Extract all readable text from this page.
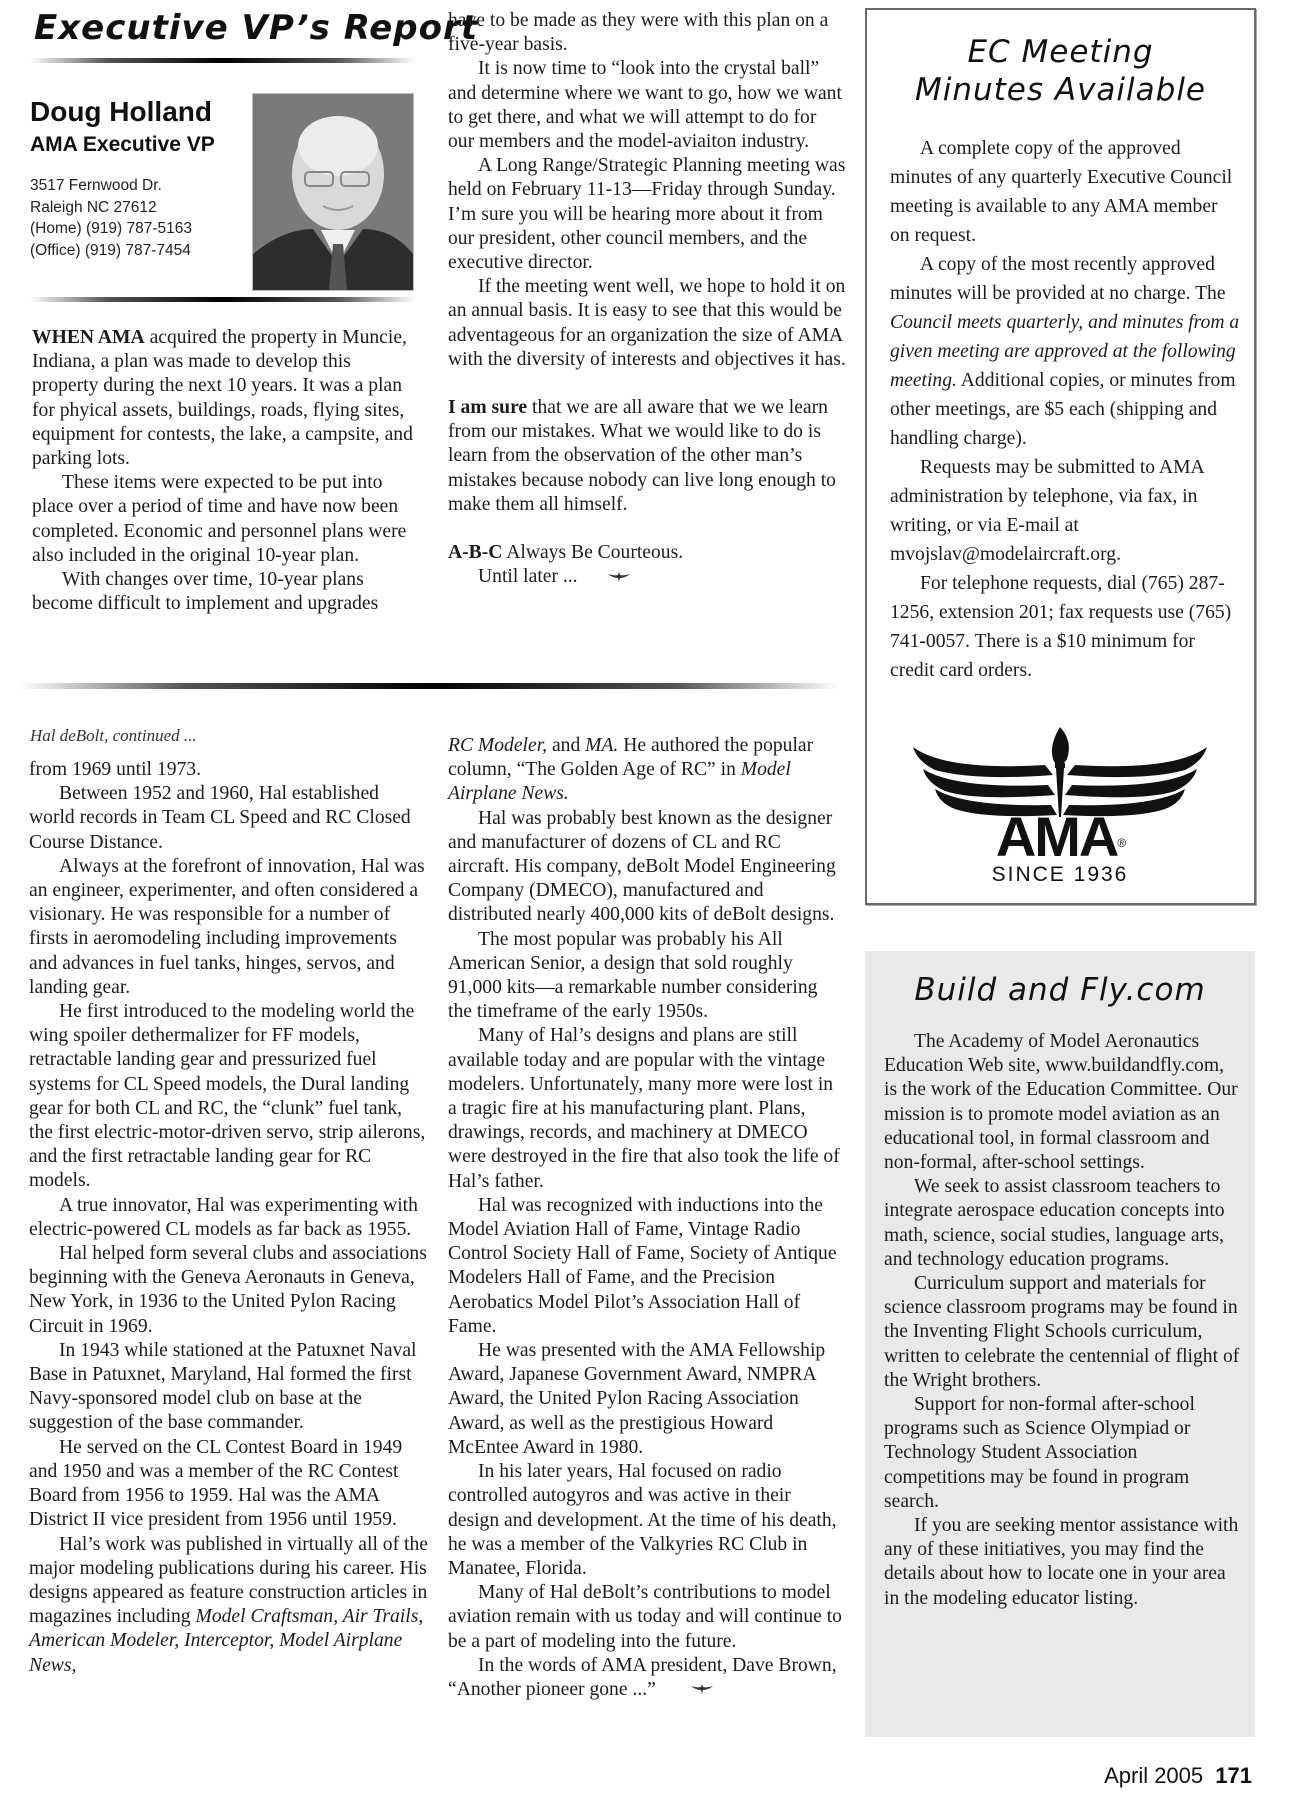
Executive VP’s Report
Doug Holland
AMA Executive VP
3517 Fernwood Dr.
Raleigh NC 27612
(Home) (919) 787-5163
(Office) (919) 787-7454

WHEN AMA acquired the property in Muncie, Indiana, a plan was made to develop this property during the next 10 years. It was a plan for phyical assets, buildings, roads, flying sites, equipment for contests, the lake, a campsite, and parking lots.

These items were expected to be put into place over a period of time and have now been completed. Economic and personnel plans were also included in the original 10-year plan.

With changes over time, 10-year plans become difficult to implement and upgrades

have to be made as they were with this plan on a five-year basis.

It is now time to “look into the crystal ball” and determine where we want to go, how we want to get there, and what we will attempt to do for our members and the model-aviaiton industry.

A Long Range/Strategic Planning meeting was held on February 11-13—Friday through Sunday. I’m sure you will be hearing more about it from our president, other council members, and the executive director.

If the meeting went well, we hope to hold it on an annual basis. It is easy to see that this would be adventageous for an organization the size of AMA with the diversity of interests and objectives it has.

I am sure that we are all aware that we we learn from our mistakes. What we would like to do is learn from the observation of the other man’s mistakes because nobody can live long enough to make them all himself.

A-B-C Always Be Courteous.

Until later ...

EC Meeting
Minutes Available

A complete copy of the approved minutes of any quarterly Executive Council meeting is available to any AMA member on request.

A copy of the most recently approved minutes will be provided at no charge. The Council meets quarterly, and minutes from a given meeting are approved at the following meeting. Additional copies, or minutes from other meetings, are $5 each (shipping and handling charge).

Requests may be submitted to AMA administration by telephone, via fax, in writing, or via E-mail at mvojslav@modelaircraft.org.

For telephone requests, dial (765) 287-1256, extension 201; fax requests use (765) 741-0057. There is a $10 minimum for credit card orders.

AMA®
SINCE 1936
Hal deBolt, continued ...

from 1969 until 1973.

Between 1952 and 1960, Hal established world records in Team CL Speed and RC Closed Course Distance.

Always at the forefront of innovation, Hal was an engineer, experimenter, and often considered a visionary. He was responsible for a number of firsts in aeromodeling including improvements and advances in fuel tanks, hinges, servos, and landing gear.

He first introduced to the modeling world the wing spoiler dethermalizer for FF models, retractable landing gear and pressurized fuel systems for CL Speed models, the Dural landing gear for both CL and RC, the “clunk” fuel tank, the first electric-motor-driven servo, strip ailerons, and the first retractable landing gear for RC models.

A true innovator, Hal was experimenting with electric-powered CL models as far back as 1955.

Hal helped form several clubs and associations beginning with the Geneva Aeronauts in Geneva, New York, in 1936 to the United Pylon Racing Circuit in 1969.

In 1943 while stationed at the Patuxnet Naval Base in Patuxnet, Maryland, Hal formed the first Navy-sponsored model club on base at the suggestion of the base commander.

He served on the CL Contest Board in 1949 and 1950 and was a member of the RC Contest Board from 1956 to 1959. Hal was the AMA District II vice president from 1956 until 1959.

Hal’s work was published in virtually all of the major modeling publications during his career. His designs appeared as feature construction articles in magazines including Model Craftsman, Air Trails, American Modeler, Interceptor, Model Airplane News,

RC Modeler, and MA. He authored the popular column, “The Golden Age of RC” in Model Airplane News.

Hal was probably best known as the designer and manufacturer of dozens of CL and RC aircraft. His company, deBolt Model Engineering Company (DMECO), manufactured and distributed nearly 400,000 kits of deBolt designs.

The most popular was probably his All American Senior, a design that sold roughly 91,000 kits—a remarkable number considering the timeframe of the early 1950s.

Many of Hal’s designs and plans are still available today and are popular with the vintage modelers. Unfortunately, many more were lost in a tragic fire at his manufacturing plant. Plans, drawings, records, and machinery at DMECO were destroyed in the fire that also took the life of Hal’s father.

Hal was recognized with inductions into the Model Aviation Hall of Fame, Vintage Radio Control Society Hall of Fame, Society of Antique Modelers Hall of Fame, and the Precision Aerobatics Model Pilot’s Association Hall of Fame.

He was presented with the AMA Fellowship Award, Japanese Government Award, NMPRA Award, the United Pylon Racing Association Award, as well as the prestigious Howard McEntee Award in 1980.

In his later years, Hal focused on radio controlled autogyros and was active in their design and development. At the time of his death, he was a member of the Valkyries RC Club in Manatee, Florida.

Many of Hal deBolt’s contributions to model aviation remain with us today and will continue to be a part of modeling into the future.

In the words of AMA president, Dave Brown, “Another pioneer gone ...”

Build and Fly.com

The Academy of Model Aeronautics Education Web site, www.buildandfly.com, is the work of the Education Committee. Our mission is to promote model aviation as an educational tool, in formal classroom and non-formal, after-school settings.

We seek to assist classroom teachers to integrate aerospace education concepts into math, science, social studies, language arts, and technology education programs.

Curriculum support and materials for science classroom programs may be found in the Inventing Flight Schools curriculum, written to celebrate the centennial of flight of the Wright brothers.

Support for non-formal after-school programs such as Science Olympiad or Technology Student Association competitions may be found in program search.

If you are seeking mentor assistance with any of these initiatives, you may find the details about how to locate one in your area in the modeling educator listing.

April 2005 171
